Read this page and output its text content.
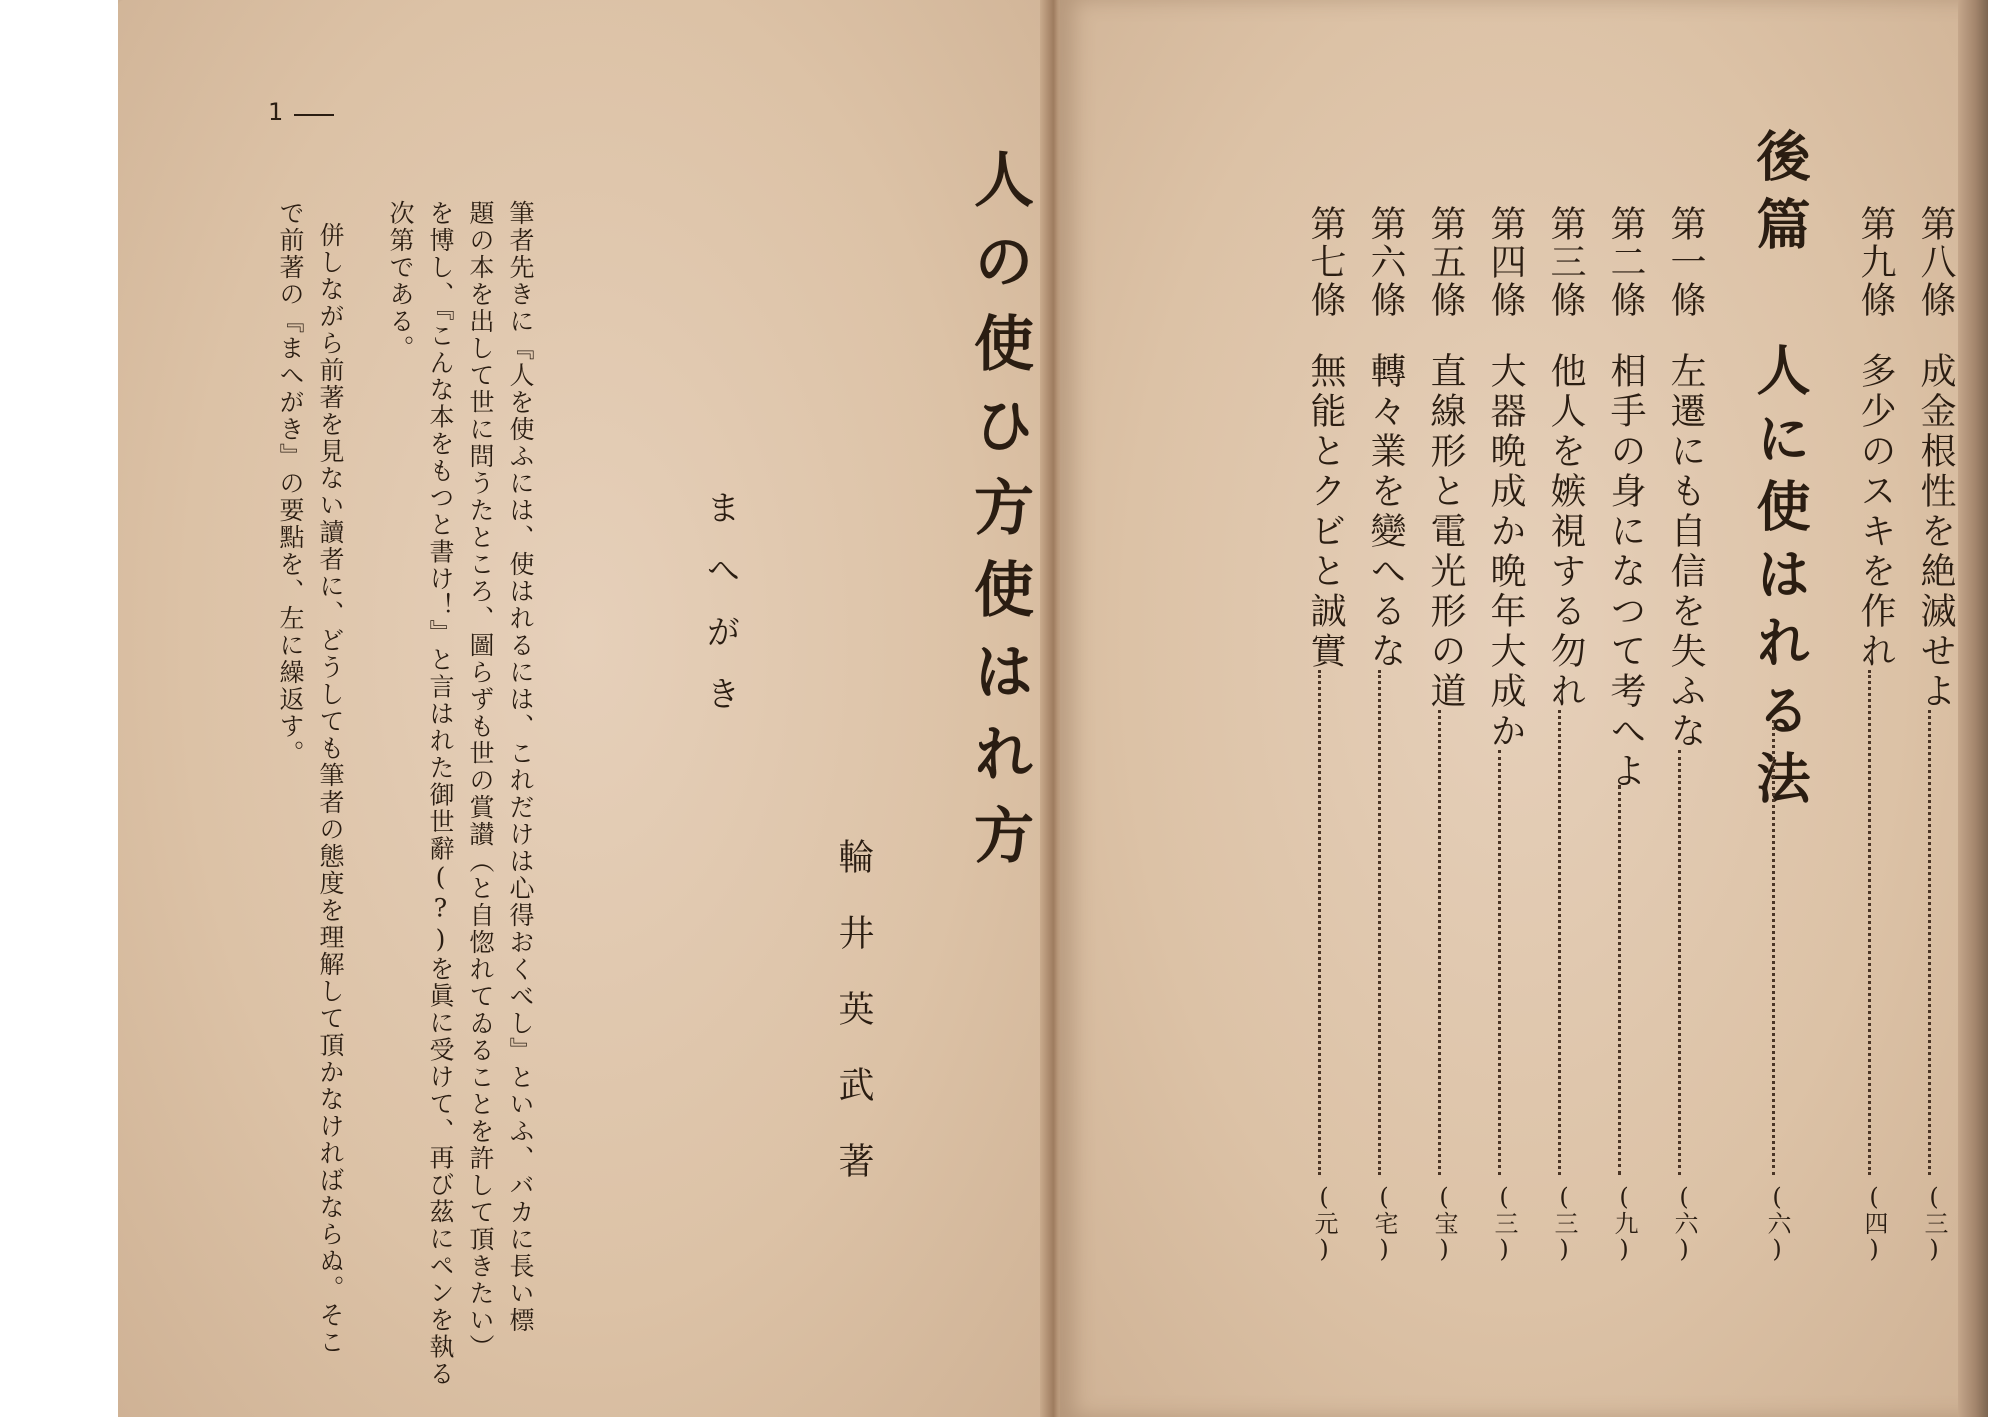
1
人の使ひ方使はれ方
輪井英武著
まへがき
筆者先きに『人を使ふには、使はれるには、これだけは心得おくべし』といふ、バカに長い標
題の本を出して世に問うたところ、圖らずも世の賞讃（と自惚れてゐることを許して頂きたい）
を博し、『こんな本をもつと書け！』と言はれた御世辭(?)を眞に受けて、再び茲にペンを執る
次第である。
併しながら前著を見ない讀者に、どうしても筆者の態度を理解して頂かなければならぬ。そこ
で前著の『まへがき』の要點を、左に繰返す。	第八條
成金根性を絶滅せよ
(三)
第九條
多少のスキを作れ
(四)
後篇 人に使はれる法
(六)
第一條
左遷にも自信を失ふな
(六)
第二條
相手の身になつて考へよ
(九)
第三條
他人を嫉視する勿れ
(三)
第四條
大器晩成か晩年大成か
(三)
第五條
直線形と電光形の道
(宝)
第六條
轉々業を變へるな
(宅)
第七條
無能とクビと誠實
(元)
